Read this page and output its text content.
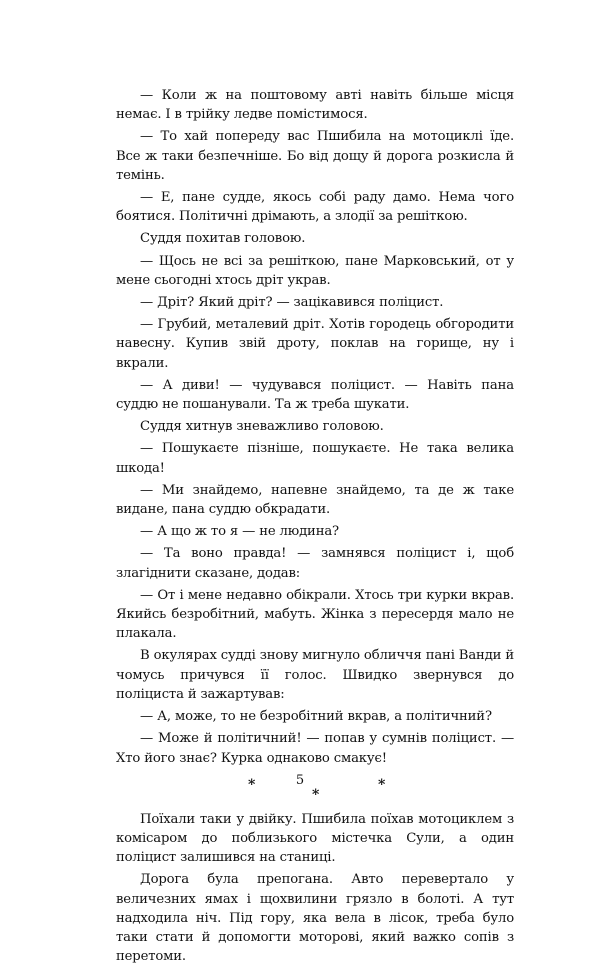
— Коли ж на поштовому авті навіть більше місця немає. І в трійку ледве помістимося.

— То хай попереду вас Пшибила на мотоциклі їде. Все ж таки безпечніше. Бо від дощу й дорога розкисла й темінь.

— Е, пане судде, якось собі раду дамо. Нема чого боятися. Політичні дрімають, а злодії за решіткою.

Суддя похитав головою.

— Щось не всі за решіткою, пане Марковський, от у мене сьогодні хтось дріт украв.

— Дріт? Який дріт? — зацікавився поліцист.

— Грубий, металевий дріт. Хотів городець обгородити навесну. Купив звій дроту, поклав на горище, ну і вкрали.

— А диви! — чудувався поліцист. — Навіть пана суддю не пошанували. Та ж треба шукати.

Суддя хитнув зневажливо головою.

— Пошукаєте пізніше, пошукаєте. Не така велика шкода!

— Ми знайдемо, напевне знайдемо, та де ж таке видане, пана суддю обкрадати.

— А що ж то я — не людина?

— Та воно правда! — замнявся поліцист і, щоб злагіднити сказане, додав:

— От і мене недавно обікрали. Хтось три курки вкрав. Якийсь безробітний, мабуть. Жінка з пересердя мало не плакала.

В окулярах судді знову мигнуло обличчя пані Ванди й чомусь причувся її голос. Швидко звернувся до поліциста й зажартував:

— А, може, то не безробітний вкрав, а політичний?

— Може й політичний! — попав у сумнів поліцист. — Хто його знає? Курка однаково смакує!

*
*
*

Поїхали таки у двійку. Пшибила поїхав мотоциклем з комісаром до поблизького містечка Сули, а один поліцист залишився на станиці.

Дорога була препогана. Авто перевертало у величезних ямах і щохвилини грязло в болоті. А тут надходила ніч. Під гору, яка вела в лісок, треба було таки стати й допомогти моторові, який важко сопів з перетоми.

5
